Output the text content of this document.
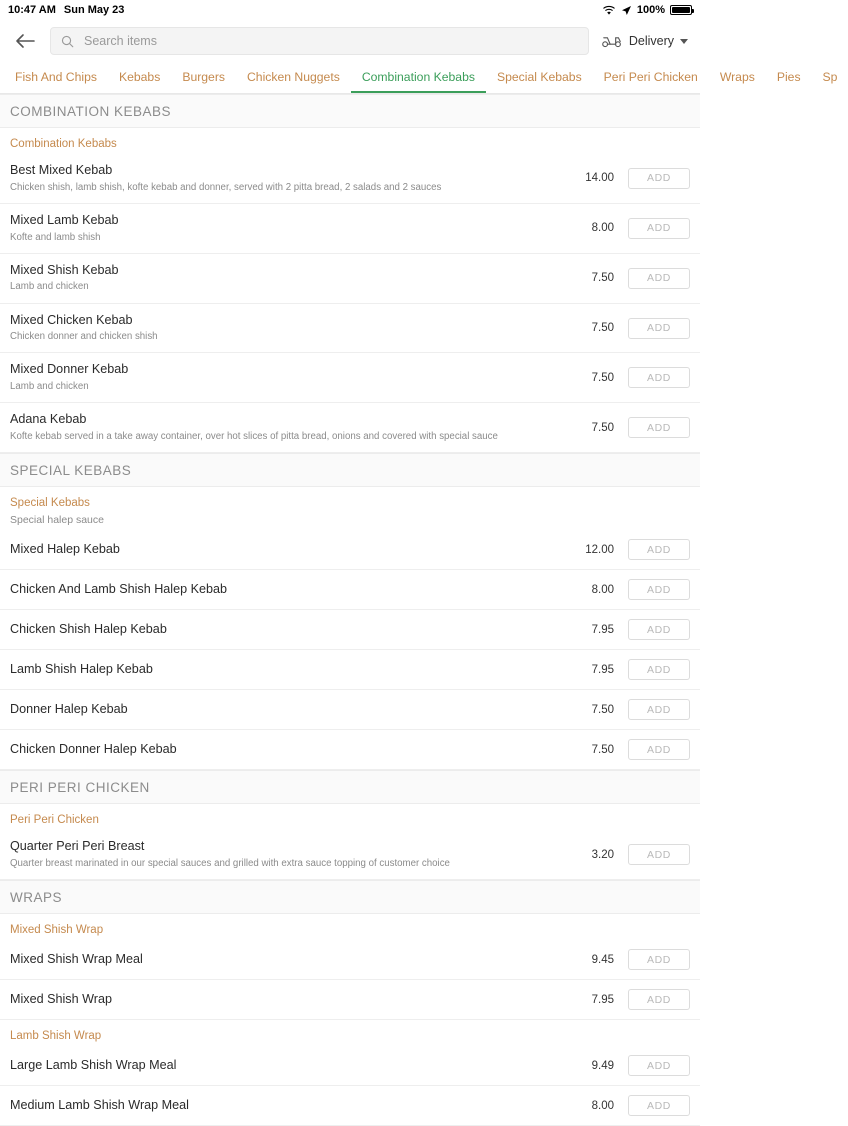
10:47 AM Sun May 23	100%
Search items
Delivery
Fish And Chips	Kebabs	Burgers	Chicken Nuggets	Combination Kebabs	Special Kebabs	Peri Peri Chicken	Wraps	Pies	Sp
COMBINATION KEBABS
Combination Kebabs
Best Mixed Kebab
Chicken shish, lamb shish, kofte kebab and donner, served with 2 pitta bread, 2 salads and 2 sauces
14.00	ADD
Mixed Lamb Kebab
Kofte and lamb shish
8.00	ADD
Mixed Shish Kebab
Lamb and chicken
7.50	ADD
Mixed Chicken Kebab
Chicken donner and chicken shish
7.50	ADD
Mixed Donner Kebab
Lamb and chicken
7.50	ADD
Adana Kebab
Kofte kebab served in a take away container, over hot slices of pitta bread, onions and covered with special sauce
7.50	ADD
SPECIAL KEBABS
Special Kebabs
Special halep sauce
Mixed Halep Kebab	12.00	ADD
Chicken And Lamb Shish Halep Kebab	8.00	ADD
Chicken Shish Halep Kebab	7.95	ADD
Lamb Shish Halep Kebab	7.95	ADD
Donner Halep Kebab	7.50	ADD
Chicken Donner Halep Kebab	7.50	ADD
PERI PERI CHICKEN
Peri Peri Chicken
Quarter Peri Peri Breast
Quarter breast marinated in our special sauces and grilled with extra sauce topping of customer choice
3.20	ADD
WRAPS
Mixed Shish Wrap
Mixed Shish Wrap Meal	9.45	ADD
Mixed Shish Wrap	7.95	ADD
Lamb Shish Wrap
Large Lamb Shish Wrap Meal	9.49	ADD
Medium Lamb Shish Wrap Meal	8.00	ADD
